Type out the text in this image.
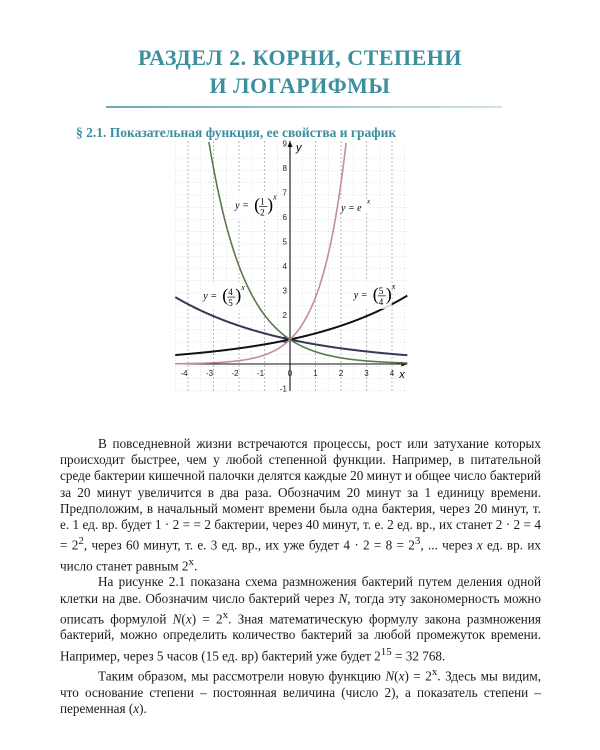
РАЗДЕЛ 2. КОРНИ, СТЕПЕНИ
И ЛОГАРИФМЫ
§ 2.1. Показательная функция, ее свойства и график
x
y
-4 -3 -2 -1	0	1	2	3	4
-1
1
2
3
4
5
6
7
8
9
y = ( 1
2 ) x
y = ( 4
5 ) x
y = ( 5
4 ) x
y = e
x

В повседневной жизни встречаются процессы, рост или затухание которых происходит быстрее, чем у любой степенной функции. Например, в питательной среде бактерии кишечной палочки делятся каждые 20 минут и общее число бактерий за 20 минут увеличится в два раза. Обозначим 20 минут за 1 единицу времени. Предположим, в начальный момент времени была одна бактерия, через 20 минут, т. е. 1 ед. вр. будет 1 · 2 = = 2 бактерии, через 40 минут, т. е. 2 ед. вр., их станет $2 \cdot 2 = 4 = 2^2$, через 60 минут, т. е. 3 ед. вр., их уже будет $4 \cdot 2 = 8 = 2^3$, ... через x ед. вр. их число станет равным 2$^x$.

На рисунке 2.1 показана схема размножения бактерий путем деления одной клетки на две. Обозначим число бактерий через N, тогда эту закономерность можно описать формулой $N(x) = 2^x$. Зная математическую формулу закона размножения бактерий, можно определить количество бактерий за любой промежуток времени. Например, через 5 часов (15 ед. вр) бактерий уже будет $2^{15} = 32$ 768.

Таким образом, мы рассмотрели новую функцию $N(x) = 2^x$. Здесь мы видим, что основание степени – постоянная величина (число 2), а показатель степени – переменная (x).
